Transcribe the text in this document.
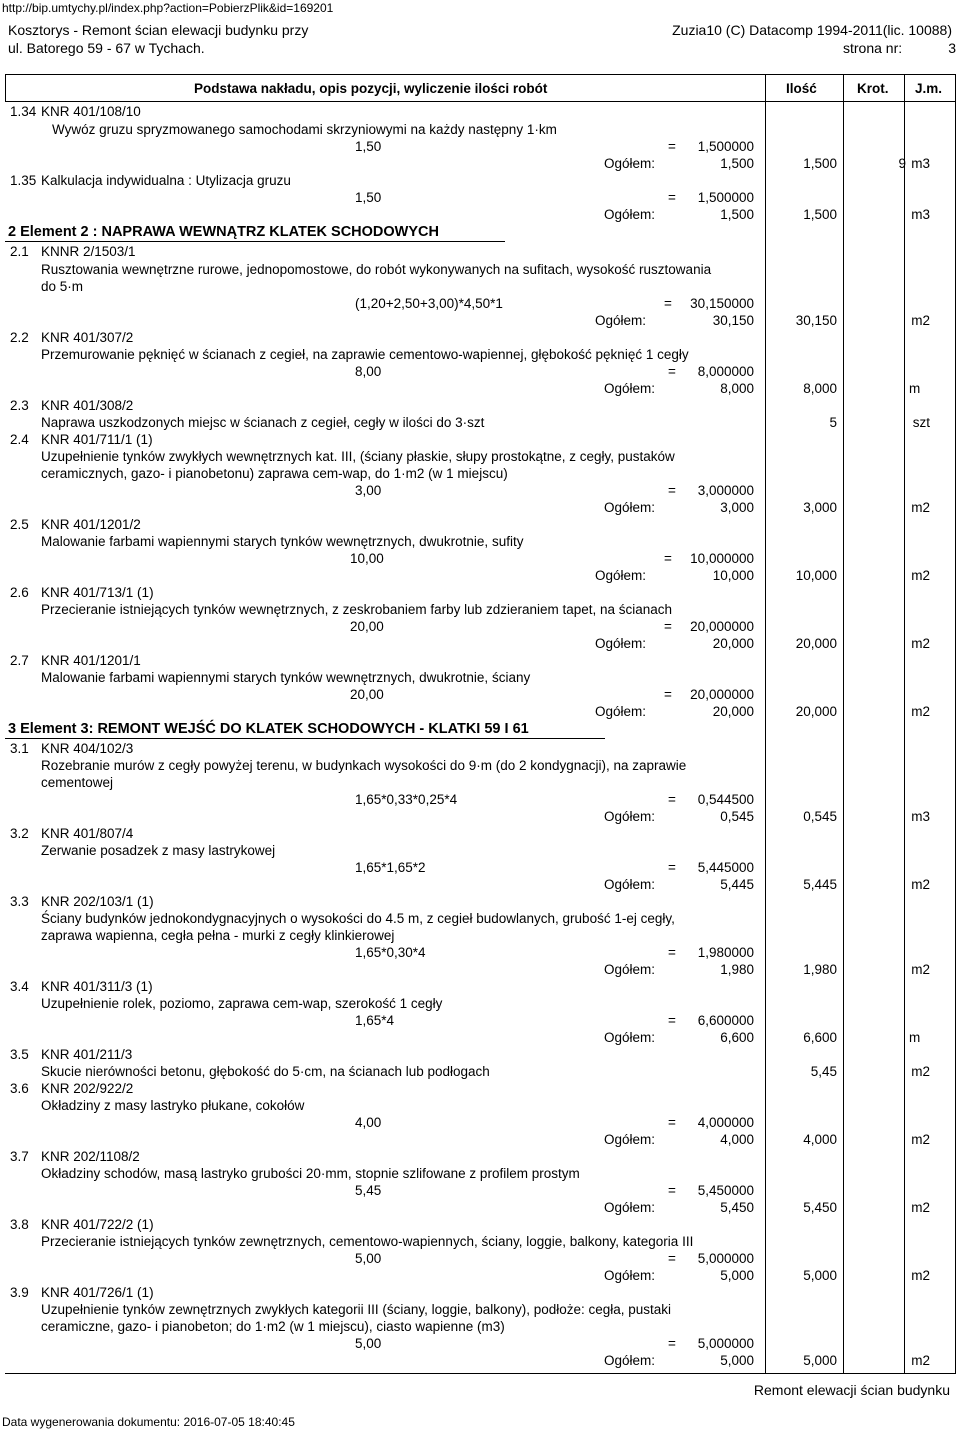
http://bip.umtychy.pl/index.php?action=PobierzPlik&id=169201
Kosztorys - Remont ścian elewacji budynku przy
ul. Batorego 59 - 67 w Tychach.
Zuzia10 (C) Datacomp 1994-2011(lic. 10088)
strona nr:	3
Podstawa nakładu, opis pozycji, wyliczenie ilości robót	Ilość	Krot. J.m.
1.34 KNR 401/108/10
Wywóz gruzu spryzmowanego samochodami skrzyniowymi na każdy następny 1·km
1,50	= 1,500000
Ogółem:	1,500	1,500	9 m3
1.35 Kalkulacja indywidualna : Utylizacja gruzu
1,50	= 1,500000
Ogółem:	1,500	1,500	m3
2 Element 2 : NAPRAWA WEWNĄTRZ KLATEK SCHODOWYCH
2.1 KNNR 2/1503/1
Rusztowania wewnętrzne rurowe, jednopomostowe, do robót wykonywanych na sufitach, wysokość rusztowania
do 5·m
(1,20+2,50+3,00)*4,50*1	= 30,150000
Ogółem:	30,150	30,150	m2
2.2 KNR 401/307/2
Przemurowanie pęknięć w ścianach z cegieł, na zaprawie cementowo-wapiennej, głębokość pęknięć 1 cegły
8,00	= 8,000000
Ogółem:	8,000	8,000	m
2.3 KNR 401/308/2
Naprawa uszkodzonych miejsc w ścianach z cegieł, cegły w ilości do 3·szt	5	szt
2.4 KNR 401/711/1 (1)
Uzupełnienie tynków zwykłych wewnętrznych kat. III, (ściany płaskie, słupy prostokątne, z cegły, pustaków
ceramicznych, gazo- i pianobetonu) zaprawa cem-wap, do 1·m2 (w 1 miejscu)
3,00	= 3,000000
Ogółem:	3,000	3,000	m2
2.5 KNR 401/1201/2
Malowanie farbami wapiennymi starych tynków wewnętrznych, dwukrotnie, sufity
10,00	= 10,000000
Ogółem:	10,000	10,000	m2
2.6 KNR 401/713/1 (1)
Przecieranie istniejących tynków wewnętrznych, z zeskrobaniem farby lub zdzieraniem tapet, na ścianach
20,00	= 20,000000
Ogółem:	20,000	20,000	m2
2.7 KNR 401/1201/1
Malowanie farbami wapiennymi starych tynków wewnętrznych, dwukrotnie, ściany
20,00	= 20,000000
Ogółem:	20,000	20,000	m2
3 Element 3: REMONT WEJŚĆ DO KLATEK SCHODOWYCH - KLATKI 59 I 61
3.1 KNR 404/102/3
Rozebranie murów z cegły powyżej terenu, w budynkach wysokości do 9·m (do 2 kondygnacji), na zaprawie
cementowej
1,65*0,33*0,25*4	= 0,544500
Ogółem:	0,545	0,545	m3
3.2 KNR 401/807/4
Zerwanie posadzek z masy lastrykowej
1,65*1,65*2	= 5,445000
Ogółem:	5,445	5,445	m2
3.3 KNR 202/103/1 (1)
Ściany budynków jednokondygnacyjnych o wysokości do 4.5 m, z cegieł budowlanych, grubość 1-ej cegły,
zaprawa wapienna, cegła pełna - murki z cegły klinkierowej
1,65*0,30*4	= 1,980000
Ogółem:	1,980	1,980	m2
3.4 KNR 401/311/3 (1)
Uzupełnienie rolek, poziomo, zaprawa cem-wap, szerokość 1 cegły
1,65*4	= 6,600000
Ogółem:	6,600	6,600	m
3.5 KNR 401/211/3
Skucie nierówności betonu, głębokość do 5·cm, na ścianach lub podłogach	5,45	m2
3.6 KNR 202/922/2
Okładziny z masy lastryko płukane, cokołów
4,00	= 4,000000
Ogółem:	4,000	4,000	m2
3.7 KNR 202/1108/2
Okładziny schodów, masą lastryko grubości 20·mm, stopnie szlifowane z profilem prostym
5,45	= 5,450000
Ogółem:	5,450	5,450	m2
3.8 KNR 401/722/2 (1)
Przecieranie istniejących tynków zewnętrznych, cementowo-wapiennych, ściany, loggie, balkony, kategoria III
5,00	= 5,000000
Ogółem:	5,000	5,000	m2
3.9 KNR 401/726/1 (1)
Uzupełnienie tynków zewnętrznych zwykłych kategorii III (ściany, loggie, balkony), podłoże: cegła, pustaki
ceramiczne, gazo- i pianobeton; do 1·m2 (w 1 miejscu), ciasto wapienne (m3)
5,00	= 5,000000
Ogółem:	5,000	5,000	m2
Remont elewacji ścian budynku
Data wygenerowania dokumentu: 2016-07-05 18:40:45
